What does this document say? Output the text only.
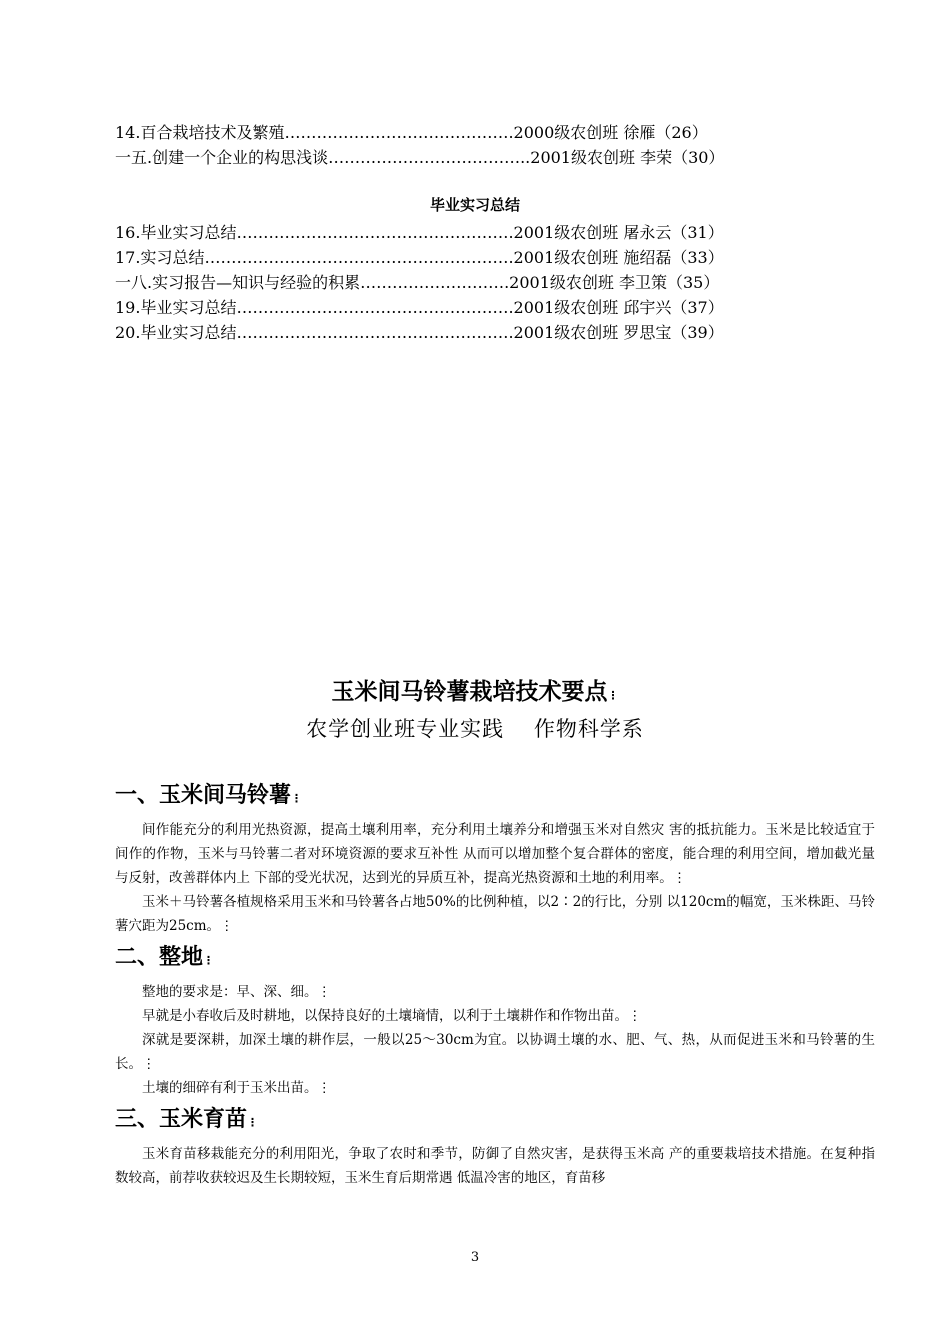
14.百合栽培技术及繁殖…………………………………….2000级农创班 徐雁（26）
一五.创建一个企业的构思浅谈………………………………..2001级农创班 李荣（30）
毕业实习总结
16.毕业实习总结…………………………………………….2001级农创班 屠永云（31）
17.实习总结………………………………………………….2001级农创班 施绍磊（33）
一八.实习报告—知识与经验的积累……………………….2001级农创班 李卫策（35）
19.毕业实习总结…………………………………………….2001级农创班 邱宇兴（37）
20.毕业实习总结…………………………………………….2001级农创班 罗思宝（39）
玉米间马铃薯栽培技术要点⋮
农学创业班专业实践　 作物科学系
一、玉米间马铃薯⋮

间作能充分的利用光热资源，提高土壤利用率，充分利用土壤养分和增强玉米对自然灾 害的抵抗能力。玉米是比较适宜于间作的作物，玉米与马铃薯二者对环境资源的要求互补性 从而可以增加整个复合群体的密度，能合理的利用空间，增加截光量与反射，改善群体内上 下部的受光状况，达到光的异质互补，提高光热资源和土地的利用率。⋮

玉米＋马铃薯各植规格采用玉米和马铃薯各占地50%的比例种植，以2∶2的行比，分别 以120cm的幅宽，玉米株距、马铃薯穴距为25cm。⋮

二、整地⋮

整地的要求是：早、深、细。⋮

早就是小春收后及时耕地，以保持良好的土壤墒情，以利于土壤耕作和作物出苗。⋮

深就是要深耕，加深土壤的耕作层，一般以25～30cm为宜。以协调土壤的水、肥、气、热，从而促进玉米和马铃薯的生长。⋮

土壤的细碎有利于玉米出苗。⋮

三、玉米育苗⋮

玉米育苗移栽能充分的利用阳光，争取了农时和季节，防御了自然灾害，是获得玉米高 产的重要栽培技术措施。在复种指数较高，前荐收获较迟及生长期较短，玉米生育后期常遇 低温冷害的地区，育苗移

3
